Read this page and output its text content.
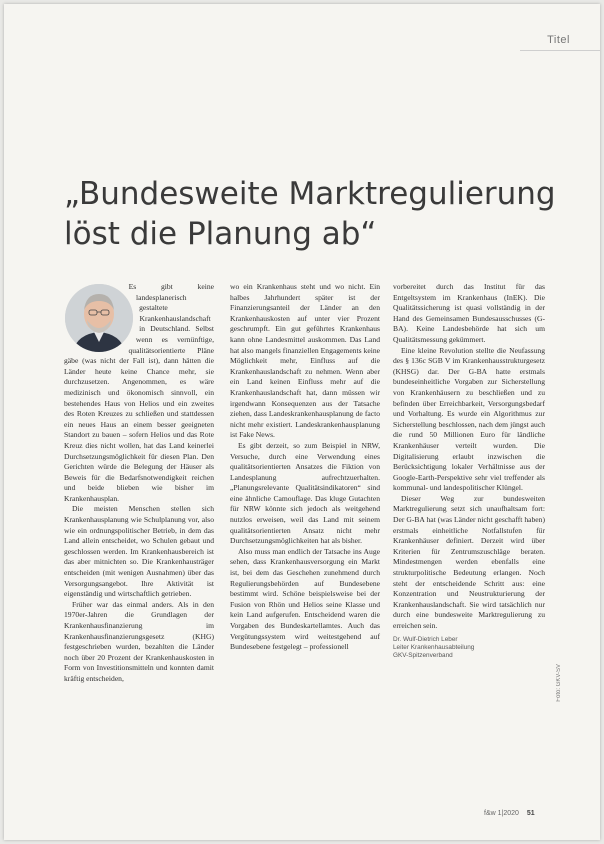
Titel
„Bundesweite Marktregulierung
löst die Planung ab“

Es gibt keine landesplanerisch gestaltete Krankenhauslandschaft in Deutschland. Selbst wenn es vernünftige, qualitätsorientierte Pläne gäbe (was nicht der Fall ist), dann hätten die Länder heute keine Chance mehr, sie durchzusetzen. Angenommen, es wäre medizinisch und ökonomisch sinnvoll, ein bestehendes Haus von Helios und ein zweites des Roten Kreuzes zu schließen und stattdessen ein neues Haus an einem besser geeigneten Standort zu bauen – sofern Helios und das Rote Kreuz dies nicht wollen, hat das Land keinerlei Durchsetzungsmöglichkeit für diesen Plan. Den Gerichten würde die Belegung der Häuser als Beweis für die Bedarfsnotwendigkeit reichen und beide blieben wie bisher im Krankenhausplan.

Die meisten Menschen stellen sich Krankenhausplanung wie Schulplanung vor, also wie ein ordnungspolitischer Betrieb, in dem das Land allein entscheidet, wo Schulen gebaut und geschlossen werden. Im Krankenhausbereich ist das aber mitnichten so. Die Krankenhausträger entscheiden (mit wenigen Ausnahmen) über das Versorgungsangebot. Ihre Aktivität ist eigenständig und wirtschaftlich getrieben.

Früher war das einmal anders. Als in den 1970er-Jahren die Grundlagen der Krankenhausfinanzierung im Krankenhausfinanzierungsgesetz (KHG) festgeschrieben wurden, bezahlten die Länder noch über 20 Prozent der Krankenhauskosten in Form von Investitionsmitteln und konnten damit kräftig entscheiden,

wo ein Krankenhaus steht und wo nicht. Ein halbes Jahrhundert später ist der Finanzierungsanteil der Länder an den Krankenhauskosten auf unter vier Prozent geschrumpft. Ein gut geführtes Krankenhaus kann ohne Landesmittel auskommen. Das Land hat also mangels finanziellen Engagements keine Möglichkeit mehr, Einfluss auf die Krankenhauslandschaft zu nehmen. Wenn aber ein Land keinen Einfluss mehr auf die Krankenhauslandschaft hat, dann müssen wir irgendwann Konsequenzen aus der Tatsache ziehen, dass Landeskrankenhausplanung de facto nicht mehr existiert. Landeskrankenhausplanung ist Fake News.

Es gibt derzeit, so zum Beispiel in NRW, Versuche, durch eine Verwendung eines qualitätsorientierten Ansatzes die Fiktion von Landesplanung aufrechtzuerhalten. „Planungsrelevante Qualitätsindikatoren“ sind eine ähnliche Camouflage. Das kluge Gutachten für NRW könnte sich jedoch als weitgehend nutzlos erweisen, weil das Land mit seinem qualitätsorientierten Ansatz nicht mehr Durchsetzungsmöglichkeiten hat als bisher.

Also muss man endlich der Tatsache ins Auge sehen, dass Krankenhausversorgung ein Markt ist, bei dem das Geschehen zunehmend durch Regulierungsbehörden auf Bundesebene bestimmt wird. Schöne beispielsweise bei der Fusion von Rhön und Helios seine Klasse und kein Land aufgerufen. Entscheidend waren die Vorgaben des Bundeskartellamtes. Auch das Vergütungssystem wird weitestgehend auf Bundesebene festgelegt – professionell

vorbereitet durch das Institut für das Entgeltsystem im Krankenhaus (InEK). Die Qualitätssicherung ist quasi vollständig in der Hand des Gemeinsamen Bundesausschusses (G-BA). Keine Landesbehörde hat sich um Qualitätsmessung gekümmert.

Eine kleine Revolution stellte die Neufassung des § 136c SGB V im Krankenhausstrukturgesetz (KHSG) dar. Der G-BA hatte erstmals bundeseinheitliche Vorgaben zur Sicherstellung von Krankenhäusern zu beschließen und zu befinden über Erreichbarkeit, Versorgungsbedarf und Vorhaltung. Es wurde ein Algorithmus zur Sicherstellung beschlossen, nach dem jüngst auch die rund 50 Millionen Euro für ländliche Krankenhäuser verteilt wurden. Die Digitalisierung erlaubt inzwischen die Berücksichtigung lokaler Verhältnisse aus der Google-Earth-Perspektive sehr viel treffender als kommunal- und landespolitischer Klüngel.

Dieser Weg zur bundesweiten Marktregulierung setzt sich unaufhaltsam fort: Der G-BA hat (was Länder nicht geschafft haben) erstmals einheitliche Notfallstufen für Krankenhäuser definiert. Derzeit wird über Kriterien für Zentrumszuschläge beraten. Mindestmengen werden ebenfalls eine strukturpolitische Bedeutung erlangen. Noch steht der entscheidende Schritt aus: eine Konzentration und Neustrukturierung der Krankenhauslandschaft. Sie wird tatsächlich nur durch eine bundesweite Marktregulierung zu erreichen sein.

Dr. Wulf-Dietrich Leber
Leiter Krankenhausabteilung
GKV-Spitzenverband
Foto: GKV-SV
f&w 1|2020 51
